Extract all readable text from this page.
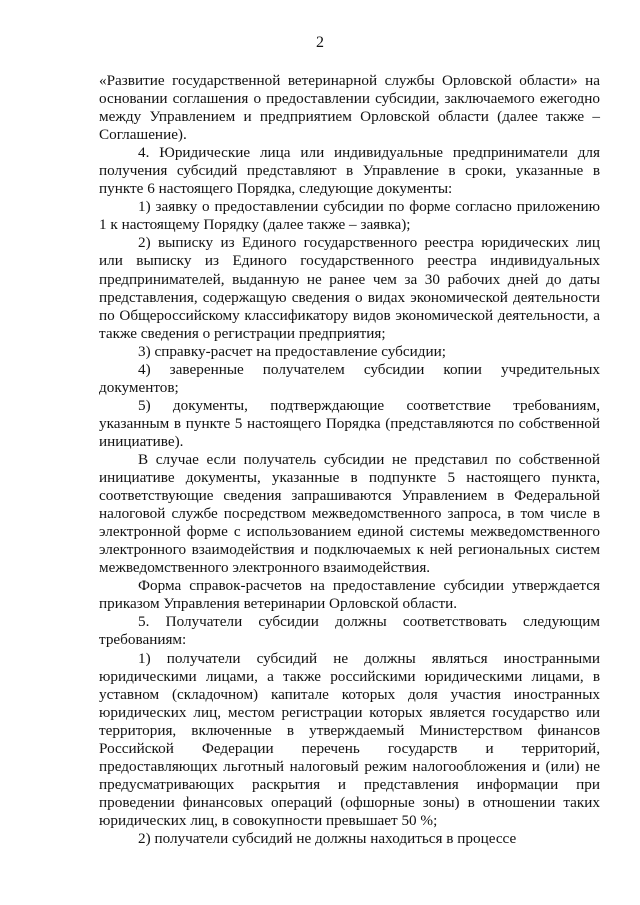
2

«Развитие государственной ветеринарной службы Орловской области» на основании соглашения о предоставлении субсидии, заключаемого ежегодно между Управлением и предприятием Орловской области (далее также – Соглашение).

4. Юридические лица или индивидуальные предприниматели для получения субсидий представляют в Управление в сроки, указанные в пункте 6 настоящего Порядка, следующие документы:

1) заявку о предоставлении субсидии по форме согласно приложению 1 к настоящему Порядку (далее также – заявка);

2) выписку из Единого государственного реестра юридических лиц или выписку из Единого государственного реестра индивидуальных предпринимателей, выданную не ранее чем за 30 рабочих дней до даты представления, содержащую сведения о видах экономической деятельности по Общероссийскому классификатору видов экономической деятельности, а также сведения о регистрации предприятия;

3) справку-расчет на предоставление субсидии;

4) заверенные получателем субсидии копии учредительных документов;

5) документы, подтверждающие соответствие требованиям, указанным в пункте 5 настоящего Порядка (представляются по собственной инициативе).

В случае если получатель субсидии не представил по собственной инициативе документы, указанные в подпункте 5 настоящего пункта, соответствующие сведения запрашиваются Управлением в Федеральной налоговой службе посредством межведомственного запроса, в том числе в электронной форме с использованием единой системы межведомственного электронного взаимодействия и подключаемых к ней региональных систем межведомственного электронного взаимодействия.

Форма справок-расчетов на предоставление субсидии утверждается приказом Управления ветеринарии Орловской области.

5. Получатели субсидии должны соответствовать следующим требованиям:

1) получатели субсидий не должны являться иностранными юридическими лицами, а также российскими юридическими лицами, в уставном (складочном) капитале которых доля участия иностранных юридических лиц, местом регистрации которых является государство или территория, включенные в утверждаемый Министерством финансов Российской Федерации перечень государств и территорий, предоставляющих льготный налоговый режим налогообложения и (или) не предусматривающих раскрытия и представления информации при проведении финансовых операций (офшорные зоны) в отношении таких юридических лиц, в совокупности превышает 50 %;

2) получатели субсидий не должны находиться в процессе
